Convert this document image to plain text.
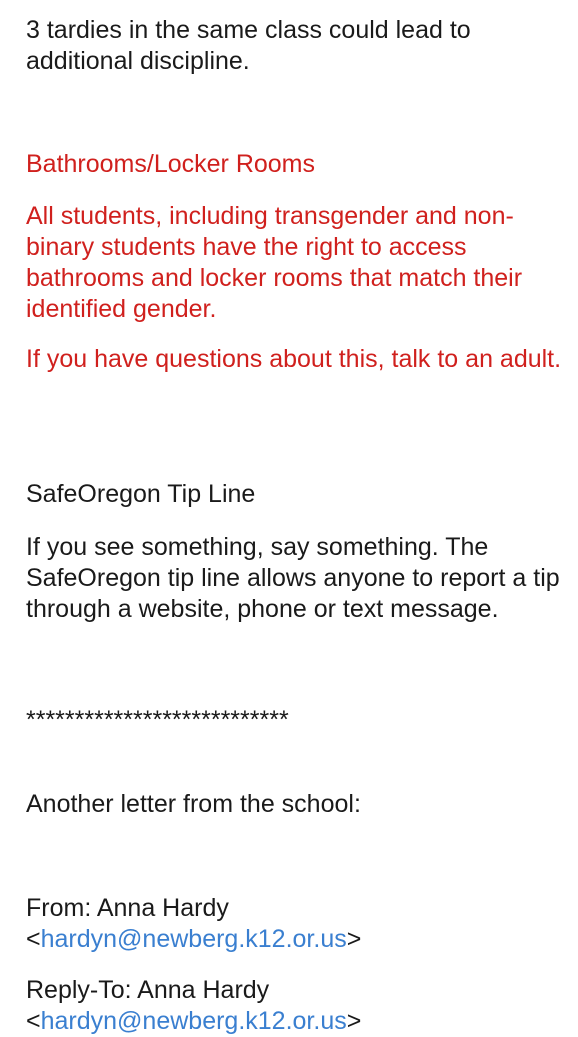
3 tardies in the same class could lead to additional discipline.

Bathrooms/Locker Rooms

All students, including transgender and non-binary students have the right to access bathrooms and locker rooms that match their identified gender.

If you have questions about this, talk to an adult.

SafeOregon Tip Line

If you see something, say something. The SafeOregon tip line allows anyone to report a tip through a website, phone or text message.

***************************

Another letter from the school:

From: Anna Hardy
<hardyn@newberg.k12.or.us>
Reply-To: Anna Hardy
<hardyn@newberg.k12.or.us>
